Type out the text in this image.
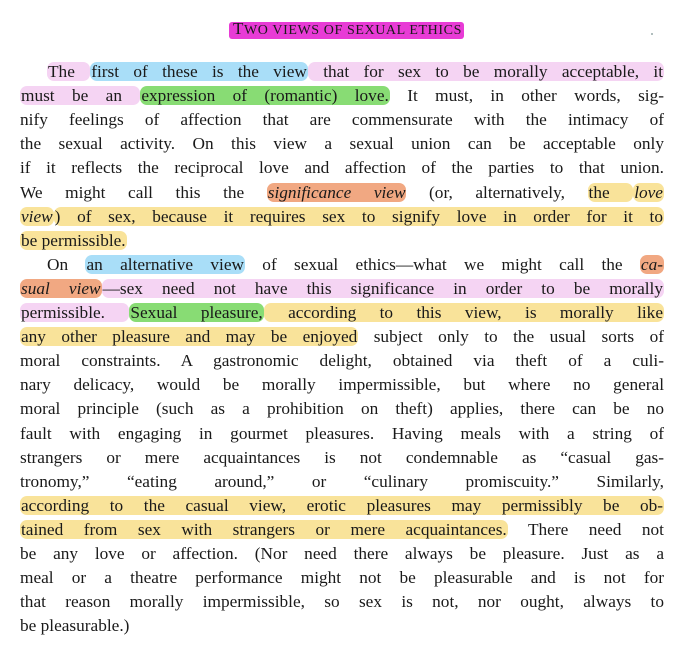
TWO VIEWS OF SEXUAL ETHICS
The first of these is the view that for sex to be morally acceptable, it
must be an expression of (romantic) love. It must, in other words, sig-
nify feelings of affection that are commensurate with the intimacy of
the sexual activity. On this view a sexual union can be acceptable only
if it reflects the reciprocal love and affection of the parties to that union.
We might call this the significance view (or, alternatively, the love
view ) of sex, because it requires sex to signify love in order for it to
be permissible.
On an alternative view of sexual ethics—what we might call the ca-
sual view —sex need not have this significance in order to be morally
permissible. Sexual pleasure, according to this view, is morally like
any other pleasure and may be enjoyed subject only to the usual sorts of
moral constraints. A gastronomic delight, obtained via theft of a culi-
nary delicacy, would be morally impermissible, but where no general
moral principle (such as a prohibition on theft) applies, there can be no
fault with engaging in gourmet pleasures. Having meals with a string of
strangers or mere acquaintances is not condemnable as “casual gas-
tronomy,” “eating around,” or “culinary promiscuity.” Similarly,
according to the casual view, erotic pleasures may permissibly be ob-
tained from sex with strangers or mere acquaintances. There need not
be any love or affection. (Nor need there always be pleasure. Just as a
meal or a theatre performance might not be pleasurable and is not for
that reason morally impermissible, so sex is not, nor ought, always to
be pleasurable.)
